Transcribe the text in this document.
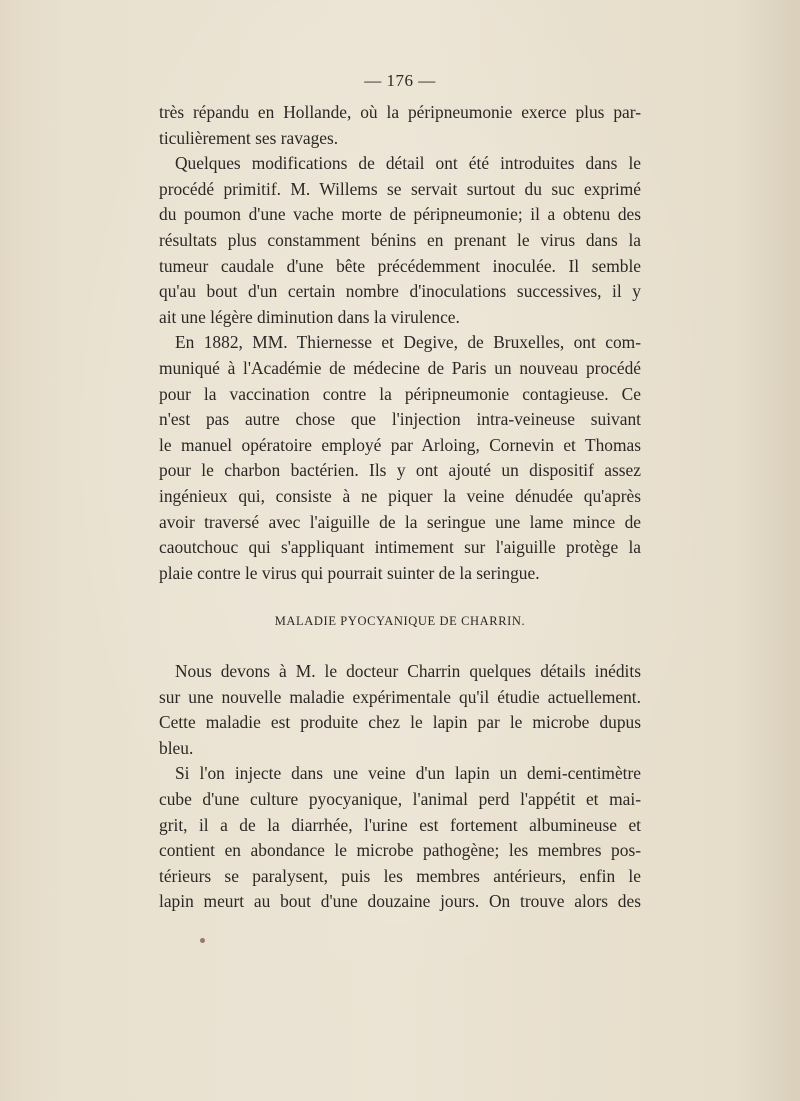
— 176 —
très répandu en Hollande, où la péripneumonie exerce plus par-
ticulièrement ses ravages.
Quelques modifications de détail ont été introduites dans le
procédé primitif. M. Willems se servait surtout du suc exprimé
du poumon d'une vache morte de péripneumonie; il a obtenu des
résultats plus constamment bénins en prenant le virus dans la
tumeur caudale d'une bête précédemment inoculée. Il semble
qu'au bout d'un certain nombre d'inoculations successives, il y
ait une légère diminution dans la virulence.
En 1882, MM. Thiernesse et Degive, de Bruxelles, ont com-
muniqué à l'Académie de médecine de Paris un nouveau procédé
pour la vaccination contre la péripneumonie contagieuse. Ce
n'est pas autre chose que l'injection intra-veineuse suivant
le manuel opératoire employé par Arloing, Cornevin et Thomas
pour le charbon bactérien. Ils y ont ajouté un dispositif assez
ingénieux qui, consiste à ne piquer la veine dénudée qu'après
avoir traversé avec l'aiguille de la seringue une lame mince de
caoutchouc qui s'appliquant intimement sur l'aiguille protège la
plaie contre le virus qui pourrait suinter de la seringue.
MALADIE PYOCYANIQUE DE CHARRIN.
Nous devons à M. le docteur Charrin quelques détails inédits
sur une nouvelle maladie expérimentale qu'il étudie actuellement.
Cette maladie est produite chez le lapin par le microbe dupus
bleu.
Si l'on injecte dans une veine d'un lapin un demi-centimètre
cube d'une culture pyocyanique, l'animal perd l'appétit et mai-
grit, il a de la diarrhée, l'urine est fortement albumineuse et
contient en abondance le microbe pathogène; les membres pos-
térieurs se paralysent, puis les membres antérieurs, enfin le
lapin meurt au bout d'une douzaine jours. On trouve alors des
